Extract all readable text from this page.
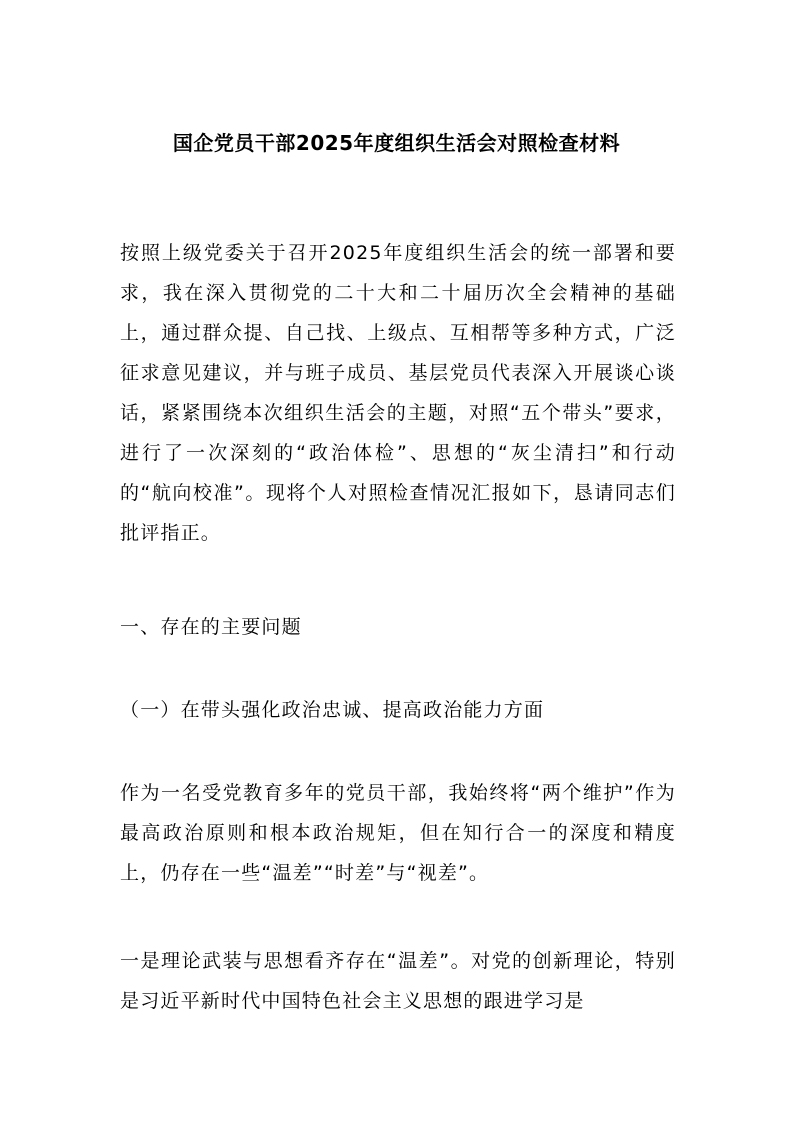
国企党员干部2025年度组织生活会对照检查材料

按照上级党委关于召开2025年度组织生活会的统一部署和要求，我在深入贯彻党的二十大和二十届历次全会精神的基础上，通过群众提、自己找、上级点、互相帮等多种方式，广泛征求意见建议，并与班子成员、基层党员代表深入开展谈心谈话，紧紧围绕本次组织生活会的主题，对照“五个带头”要求，进行了一次深刻的“政治体检”、思想的“灰尘清扫”和行动的“航向校准”。现将个人对照检查情况汇报如下，恳请同志们批评指正。

一、存在的主要问题

（一）在带头强化政治忠诚、提高政治能力方面

作为一名受党教育多年的党员干部，我始终将“两个维护”作为最高政治原则和根本政治规矩，但在知行合一的深度和精度上，仍存在一些“温差”“时差”与“视差”。

一是理论武装与思想看齐存在“温差”。对党的创新理论，特别是习近平新时代中国特色社会主义思想的跟进学习是
